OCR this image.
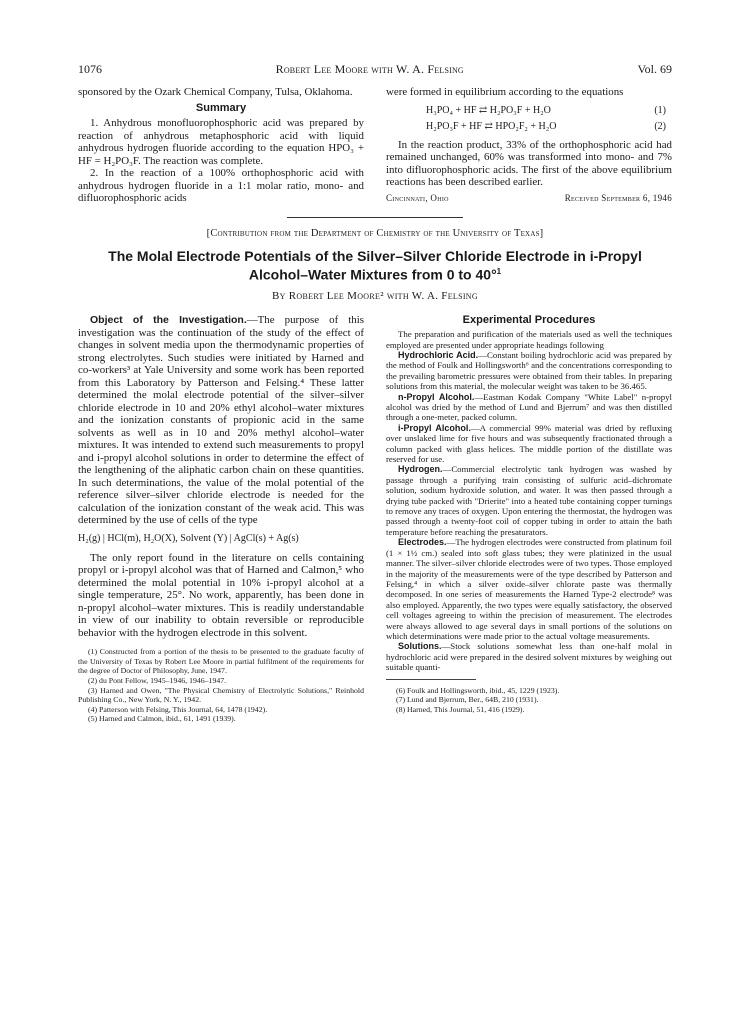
1076	Robert Lee Moore with W. A. Felsing	Vol. 69

sponsored by the Ozark Chemical Company, Tulsa, Oklahoma.

Summary

1. Anhydrous monofluorophosphoric acid was prepared by reaction of anhydrous metaphosphoric acid with liquid anhydrous hydrogen fluoride according to the equation HPO₃ + HF = H₂PO₃F. The reaction was complete.

2. In the reaction of a 100% orthophosphoric acid with anhydrous hydrogen fluoride in a 1:1 molar ratio, mono- and difluorophosphoric acids

were formed in equilibrium according to the equations

H₃PO₄ + HF ⇄ H₂PO₃F + H₂O	(1)
H₂PO₃F + HF ⇄ HPO₂F₂ + H₂O	(2)

In the reaction product, 33% of the orthophosphoric acid had remained unchanged, 60% was transformed into mono- and 7% into difluorophosphoric acids. The first of the above equilibrium reactions has been described earlier.

Cincinnati, Ohio	Received September 6, 1946
[Contribution from the Department of Chemistry of the University of Texas]
The Molal Electrode Potentials of the Silver–Silver Chloride Electrode in i-Propyl Alcohol–Water Mixtures from 0 to 40°$^1$
By Robert Lee Moore² with W. A. Felsing

Object of the Investigation.—The purpose of this investigation was the continuation of the study of the effect of changes in solvent media upon the thermodynamic properties of strong electrolytes. Such studies were initiated by Harned and co-workers³ at Yale University and some work has been reported from this Laboratory by Patterson and Felsing.⁴ These latter determined the molal electrode potential of the silver–silver chloride electrode in 10 and 20% ethyl alcohol–water mixtures and the ionization constants of propionic acid in the same solvents as well as in 10 and 20% methyl alcohol–water mixtures. It was intended to extend such measurements to propyl and i-propyl alcohol solutions in order to determine the effect of the lengthening of the aliphatic carbon chain on these quantities. In such determinations, the value of the molal potential of the reference silver–silver chloride electrode is needed for the calculation of the ionization constant of the weak acid. This was determined by the use of cells of the type

H₂(g) | HCl(m), H₂O(X), Solvent (Y) | AgCl(s) + Ag(s)

The only report found in the literature on cells containing propyl or i-propyl alcohol was that of Harned and Calmon,⁵ who determined the molal potential in 10% i-propyl alcohol at a single temperature, 25°. No work, apparently, has been done in n-propyl alcohol–water mixtures. This is readily understandable in view of our inability to obtain reversible or reproducible behavior with the hydrogen electrode in this solvent.

(1) Constructed from a portion of the thesis to be presented to the graduate faculty of the University of Texas by Robert Lee Moore in partial fulfilment of the requirements for the degree of Doctor of Philosophy, June, 1947.

(2) du Pont Fellow, 1945–1946, 1946–1947.

(3) Harned and Owen, "The Physical Chemistry of Electrolytic Solutions," Reinhold Publishing Co., New York, N. Y., 1942.

(4) Patterson with Felsing, This Journal, 64, 1478 (1942).

(5) Harned and Calmon, ibid., 61, 1491 (1939).

Experimental Procedures

The preparation and purification of the materials used as well the techniques employed are presented under appropriate headings following

Hydrochloric Acid.—Constant boiling hydrochloric acid was prepared by the method of Foulk and Hollingsworth⁶ and the concentrations corresponding to the prevailing barometric pressures were obtained from their tables. In preparing solutions from this material, the molecular weight was taken to be 36.465.

n-Propyl Alcohol.—Eastman Kodak Company "White Label" n-propyl alcohol was dried by the method of Lund and Bjerrum⁷ and was then distilled through a one-meter, packed column.

i-Propyl Alcohol.—A commercial 99% material was dried by refluxing over unslaked lime for five hours and was subsequently fractionated through a column packed with glass helices. The middle portion of the distillate was reserved for use.

Hydrogen.—Commercial electrolytic tank hydrogen was washed by passage through a purifying train consisting of sulfuric acid–dichromate solution, sodium hydroxide solution, and water. It was then passed through a drying tube packed with "Drierite" into a heated tube containing copper turnings to remove any traces of oxygen. Upon entering the thermostat, the hydrogen was passed through a twenty-foot coil of copper tubing in order to attain the bath temperature before reaching the presaturators.

Electrodes.—The hydrogen electrodes were constructed from platinum foil (1 × 1½ cm.) sealed into soft glass tubes; they were platinized in the usual manner. The silver–silver chloride electrodes were of two types. Those employed in the majority of the measurements were of the type described by Patterson and Felsing,⁴ in which a silver oxide–silver chlorate paste was thermally decomposed. In one series of measurements the Harned Type-2 electrode⁸ was also employed. Apparently, the two types were equally satisfactory, the observed cell voltages agreeing to within the precision of measurement. The electrodes were always allowed to age several days in small portions of the solutions on which determinations were made prior to the actual voltage measurements.

Solutions.—Stock solutions somewhat less than one-half molal in hydrochloric acid were prepared in the desired solvent mixtures by weighing out suitable quanti-

(6) Foulk and Hollingsworth, ibid., 45, 1229 (1923).

(7) Lund and Bjerrum, Ber., 64B, 210 (1931).

(8) Harned, This Journal, 51, 416 (1929).
